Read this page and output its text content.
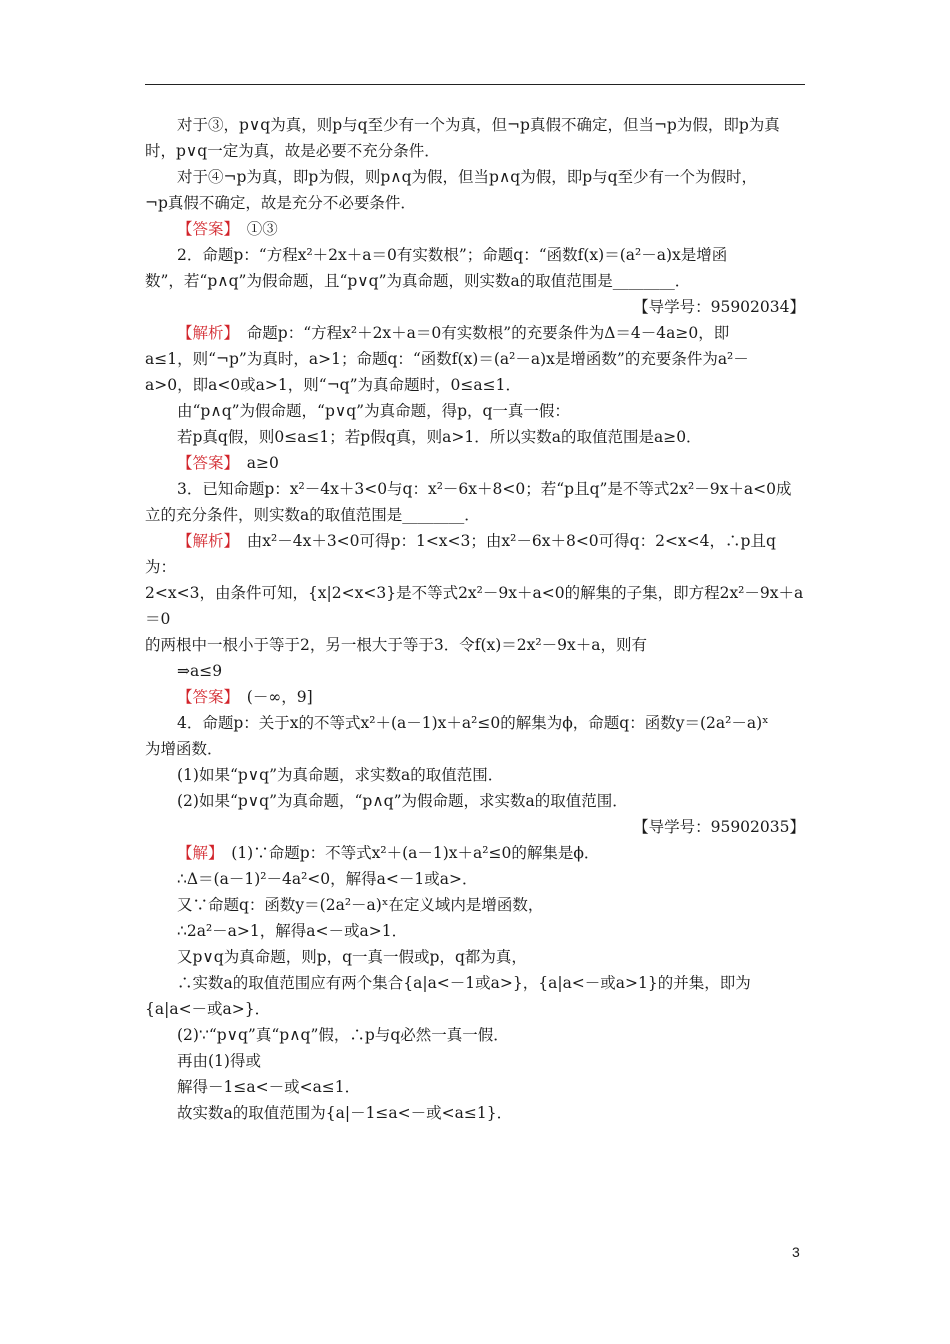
对于③，p∨q为真，则p与q至少有一个为真，但¬p真假不确定，但当¬p为假，即p为真

时，p∨q一定为真，故是必要不充分条件．

对于④¬p为真，即p为假，则p∧q为假，但当p∧q为假，即p与q至少有一个为假时，

¬p真假不确定，故是充分不必要条件．

【答案】　①③

2．命题p：“方程x²＋2x＋a＝0有实数根”；命题q：“函数f(x)＝(a²－a)x是增函

数”，若“p∧q”为假命题，且“p∨q”为真命题，则实数a的取值范围是________．

【导学号：95902034】

【解析】　命题p：“方程x²＋2x＋a＝0有实数根”的充要条件为Δ＝4－4a≥0，即

a≤1，则“¬p”为真时，a>1；命题q：“函数f(x)＝(a²－a)x是增函数”的充要条件为a²－

a>0，即a<0或a>1，则“¬q”为真命题时，0≤a≤1．

由“p∧q”为假命题，“p∨q”为真命题，得p，q一真一假：

若p真q假，则0≤a≤1；若p假q真，则a>1．所以实数a的取值范围是a≥0．

【答案】　a≥0

3．已知命题p：x²－4x＋3<0与q：x²－6x＋8<0；若“p且q”是不等式2x²－9x＋a<0成

立的充分条件，则实数a的取值范围是________．

【解析】　由x²－4x＋3<0可得p：1<x<3；由x²－6x＋8<0可得q：2<x<4，∴p且q为：

2<x<3，由条件可知，{x|2<x<3}是不等式2x²－9x＋a<0的解集的子集，即方程2x²－9x＋a＝0

的两根中一根小于等于2，另一根大于等于3．令f(x)＝2x²－9x＋a，则有

⇒a≤9

【答案】　(－∞，9]

4．命题p：关于x的不等式x²＋(a－1)x＋a²≤0的解集为ϕ，命题q：函数y＝(2a²－a)ˣ

为增函数．

(1)如果“p∨q”为真命题，求实数a的取值范围．

(2)如果“p∨q”为真命题，“p∧q”为假命题，求实数a的取值范围．

【导学号：95902035】

【解】　(1)∵命题p：不等式x²＋(a－1)x＋a²≤0的解集是ϕ．

∴Δ＝(a－1)²－4a²<0，解得a<－1或a>．

又∵命题q：函数y＝(2a²－a)ˣ在定义域内是增函数，

∴2a²－a>1，解得a<－或a>1．

又p∨q为真命题，则p，q一真一假或p，q都为真，

∴实数a的取值范围应有两个集合{a|a<－1或a>}，{a|a<－或a>1}的并集，即为

{a|a<－或a>}．

(2)∵“p∨q”真“p∧q”假，∴p与q必然一真一假．

再由(1)得或

解得－1≤a<－或<a≤1．

故实数a的取值范围为{a|－1≤a<－或<a≤1}．

3
